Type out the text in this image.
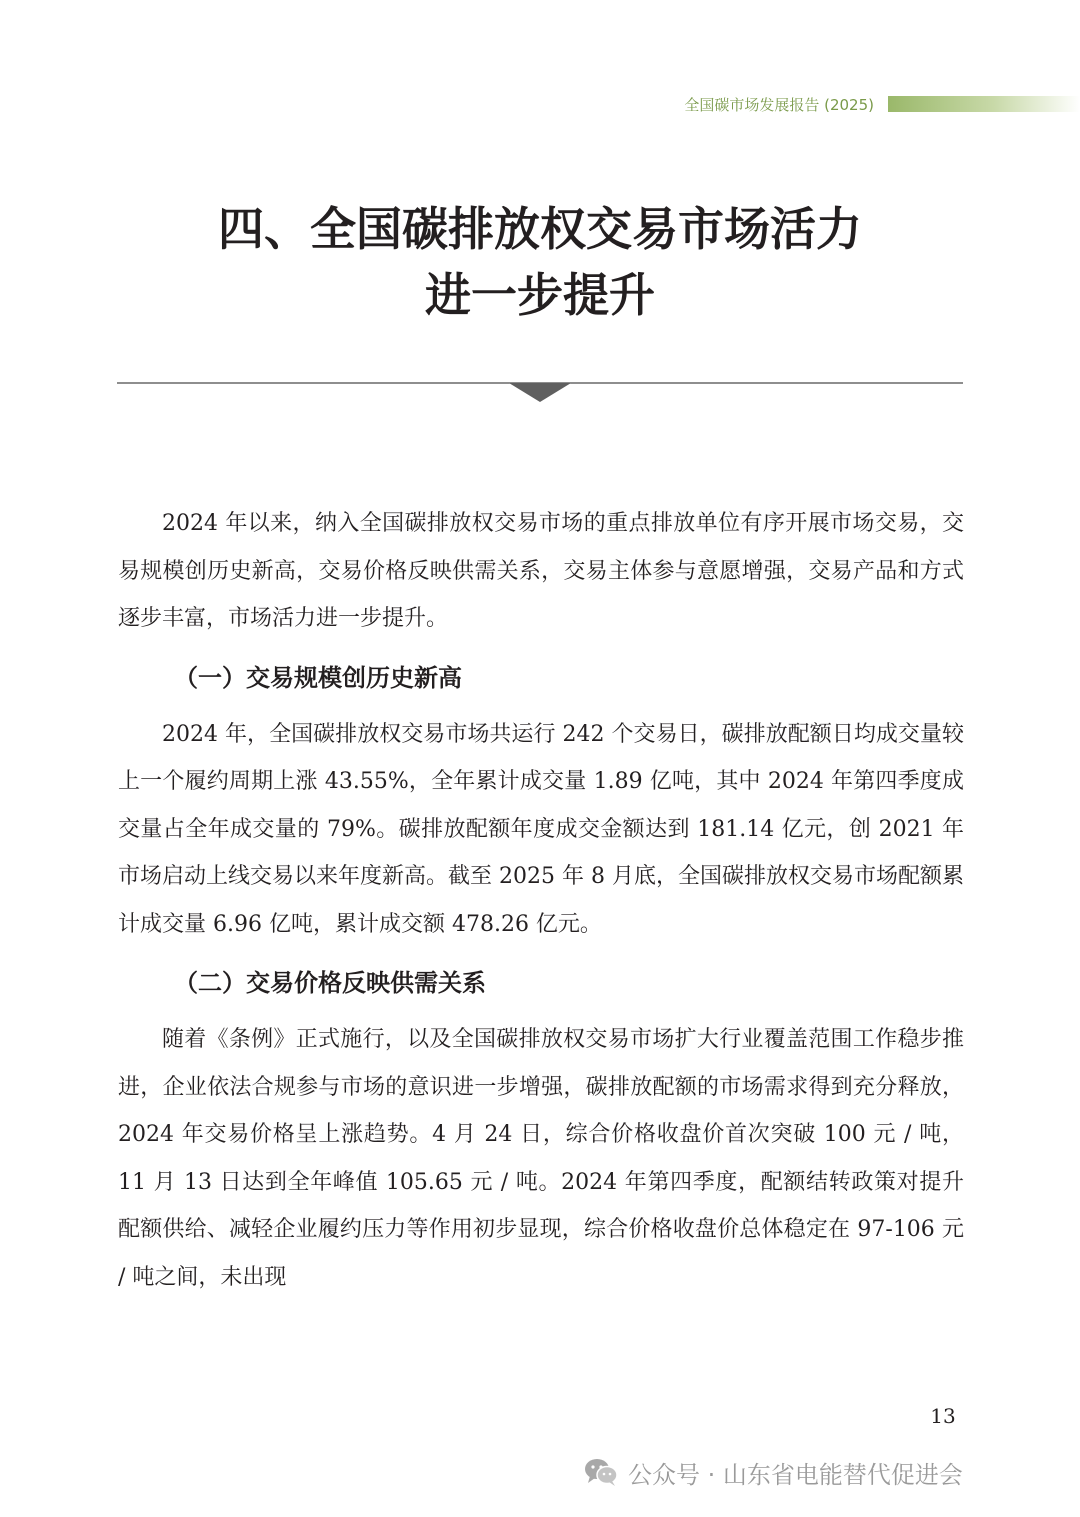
全国碳市场发展报告 (2025)
四、全国碳排放权交易市场活力
进一步提升

2024 年以来，纳入全国碳排放权交易市场的重点排放单位有序开展市场交易，交易规模创历史新高，交易价格反映供需关系，交易主体参与意愿增强，交易产品和方式逐步丰富，市场活力进一步提升。

（一）交易规模创历史新高

2024 年，全国碳排放权交易市场共运行 242 个交易日，碳排放配额日均成交量较上一个履约周期上涨 43.55%，全年累计成交量 1.89 亿吨，其中 2024 年第四季度成交量占全年成交量的 79%。碳排放配额年度成交金额达到 181.14 亿元，创 2021 年市场启动上线交易以来年度新高。截至 2025 年 8 月底，全国碳排放权交易市场配额累计成交量 6.96 亿吨，累计成交额 478.26 亿元。

（二）交易价格反映供需关系

随着《条例》正式施行，以及全国碳排放权交易市场扩大行业覆盖范围工作稳步推进，企业依法合规参与市场的意识进一步增强，碳排放配额的市场需求得到充分释放，2024 年交易价格呈上涨趋势。4 月 24 日，综合价格收盘价首次突破 100 元 / 吨，11 月 13 日达到全年峰值 105.65 元 / 吨。2024 年第四季度，配额结转政策对提升配额供给、减轻企业履约压力等作用初步显现，综合价格收盘价总体稳定在 97-106 元 / 吨之间，未出现

13
公众号 · 山东省电能替代促进会
